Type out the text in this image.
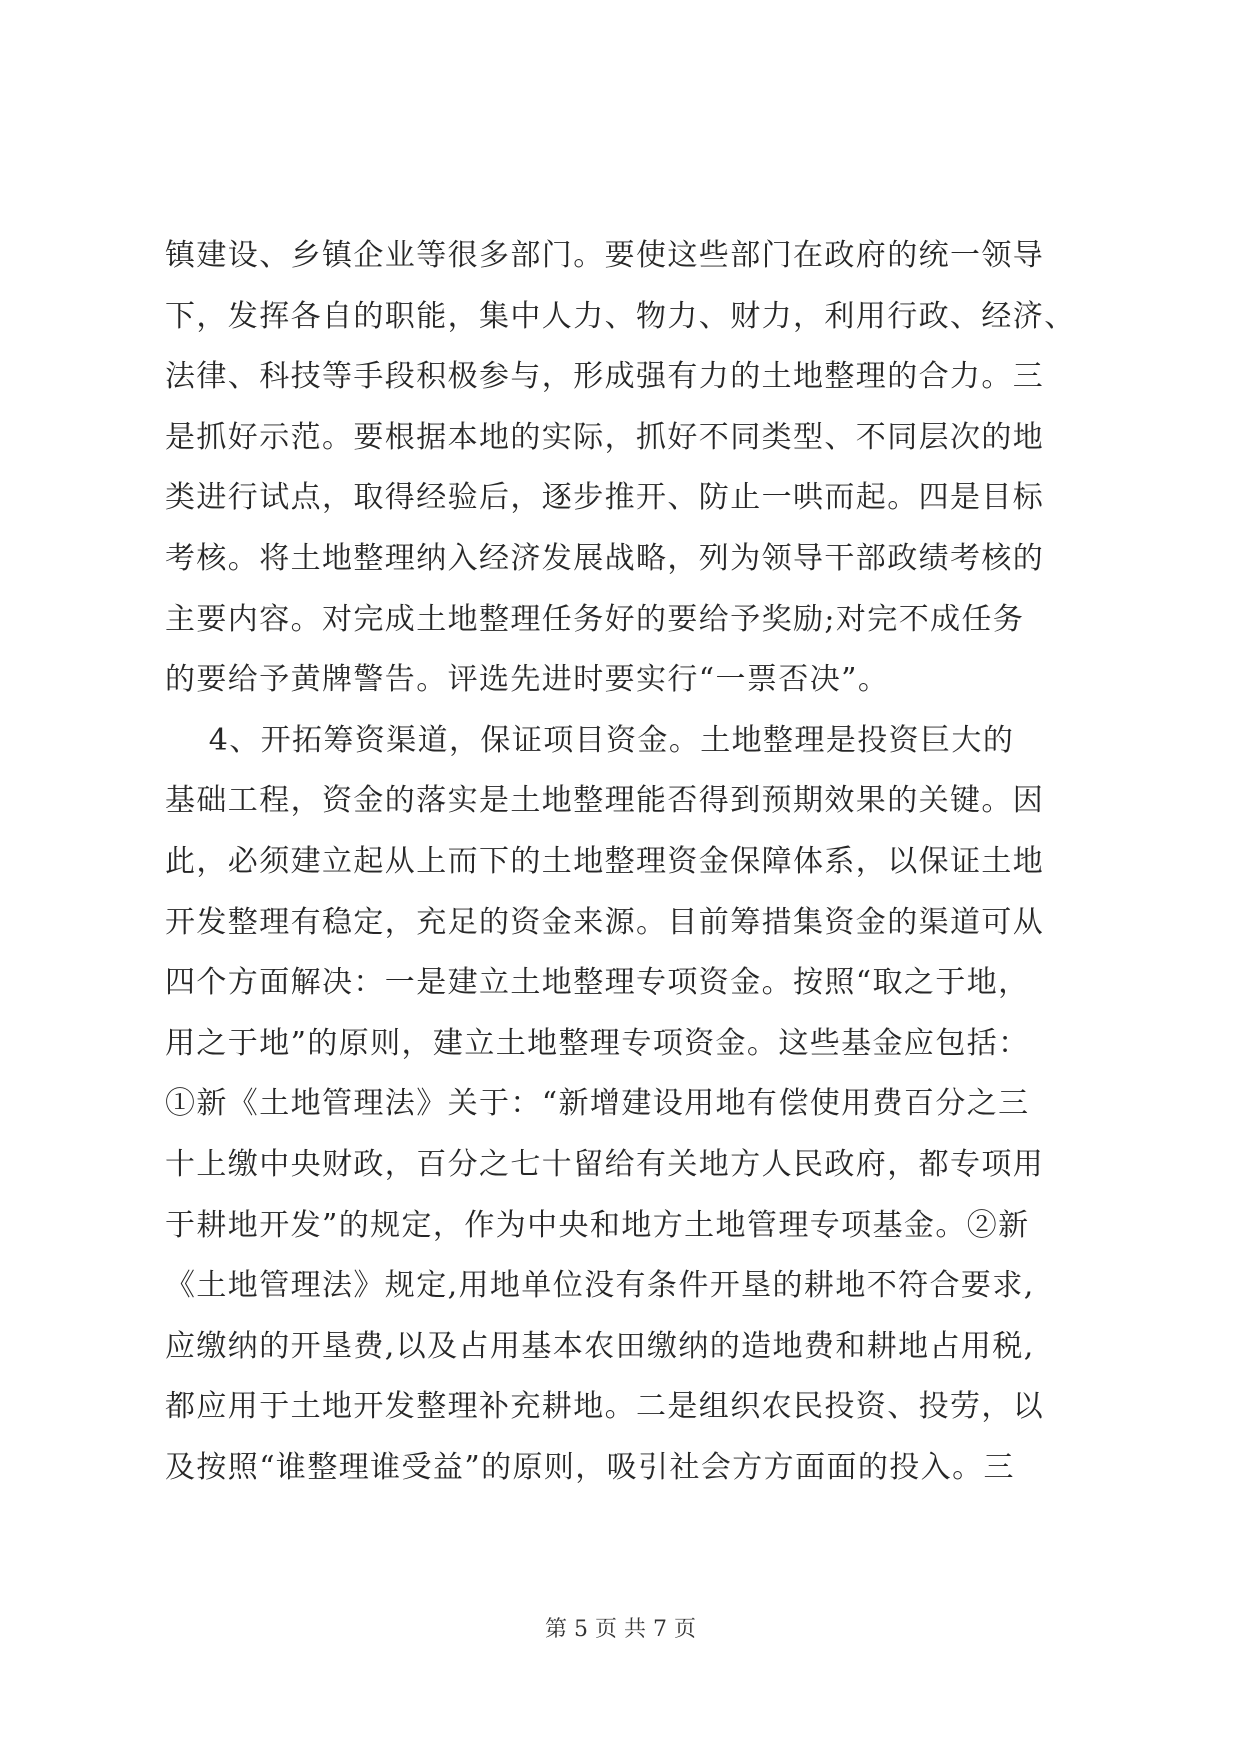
镇建设、乡镇企业等很多部门。要使这些部门在政府的统一领导
下，发挥各自的职能，集中人力、物力、财力，利用行政、经济、
法律、科技等手段积极参与，形成强有力的土地整理的合力。三
是抓好示范。要根据本地的实际，抓好不同类型、不同层次的地
类进行试点，取得经验后，逐步推开、防止一哄而起。四是目标
考核。将土地整理纳入经济发展战略，列为领导干部政绩考核的
主要内容。对完成土地整理任务好的要给予奖励;对完不成任务
的要给予黄牌警告。评选先进时要实行“一票否决”。
4、开拓筹资渠道，保证项目资金。土地整理是投资巨大的
基础工程，资金的落实是土地整理能否得到预期效果的关键。因
此，必须建立起从上而下的土地整理资金保障体系，以保证土地
开发整理有稳定，充足的资金来源。目前筹措集资金的渠道可从
四个方面解决：一是建立土地整理专项资金。按照“取之于地，
用之于地”的原则，建立土地整理专项资金。这些基金应包括：
①新《土地管理法》关于：“新增建设用地有偿使用费百分之三
十上缴中央财政，百分之七十留给有关地方人民政府，都专项用
于耕地开发”的规定，作为中央和地方土地管理专项基金。②新
《土地管理法》规定,用地单位没有条件开垦的耕地不符合要求,
应缴纳的开垦费,以及占用基本农田缴纳的造地费和耕地占用税,
都应用于土地开发整理补充耕地。二是组织农民投资、投劳，以
及按照“谁整理谁受益”的原则，吸引社会方方面面的投入。三
第 5 页 共 7 页
